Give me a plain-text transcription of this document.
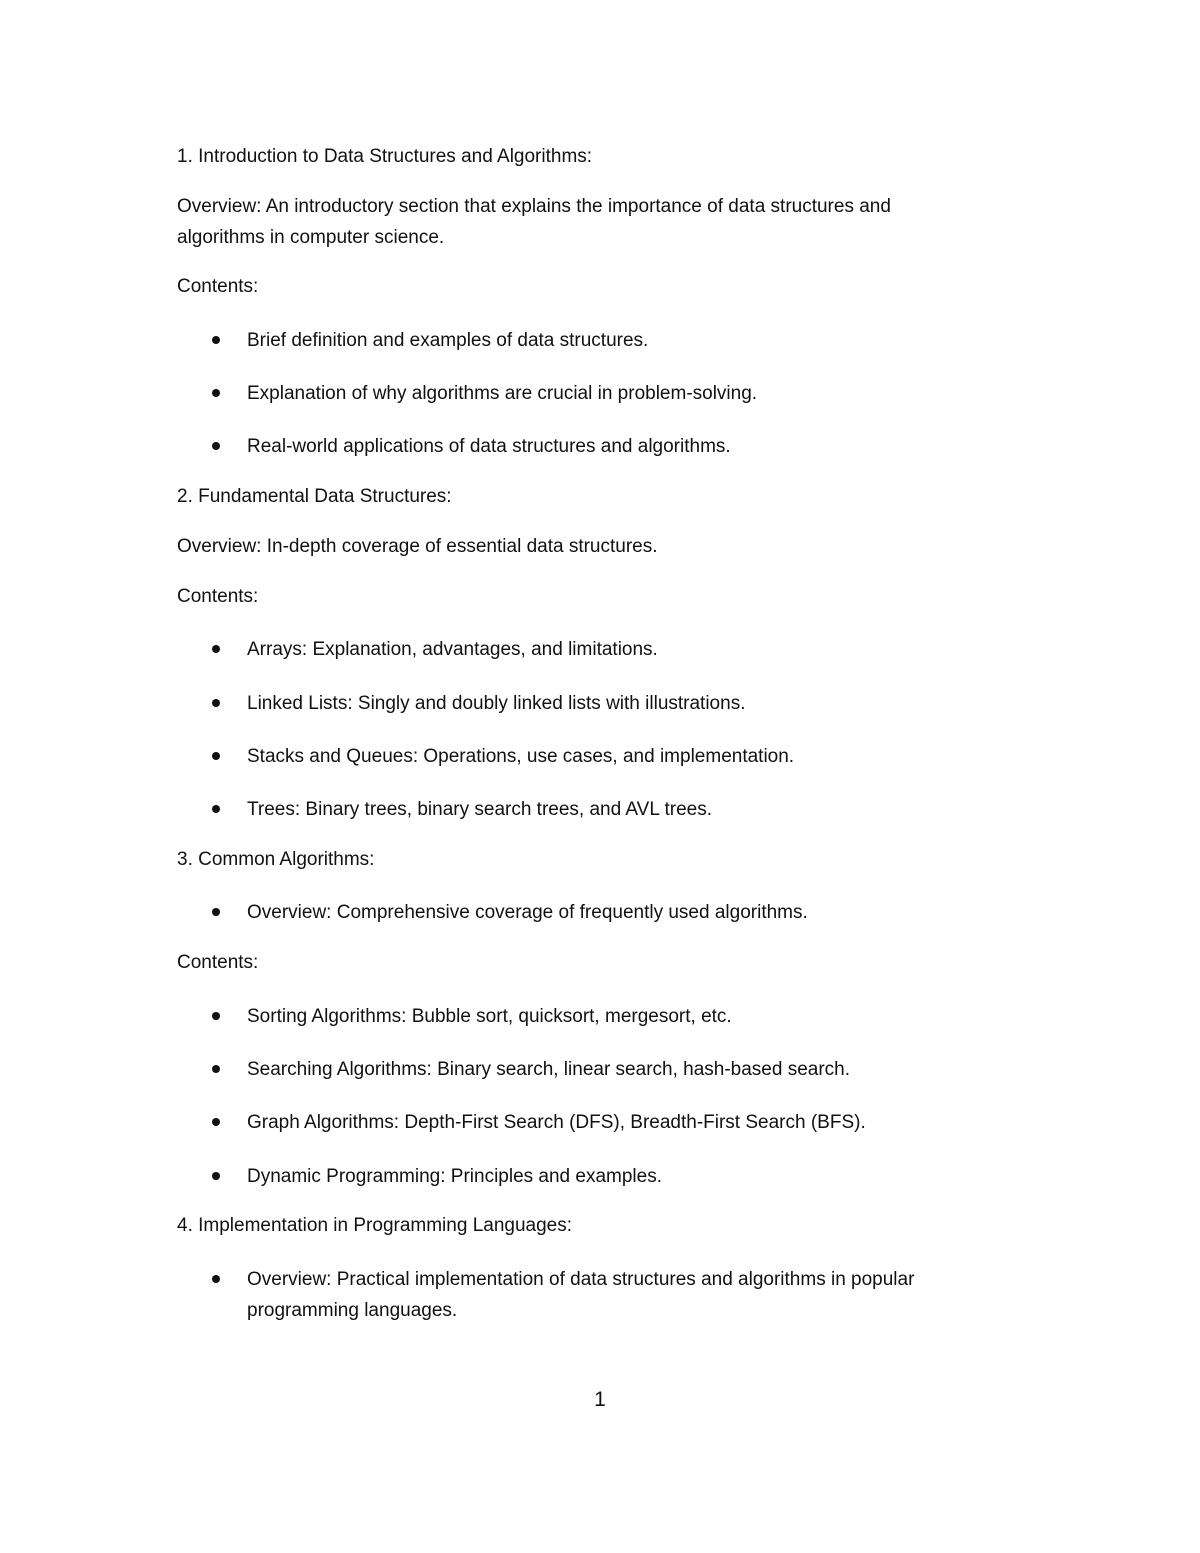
1. Introduction to Data Structures and Algorithms:
Overview: An introductory section that explains the importance of data structures and
algorithms in computer science.
Contents:
Brief definition and examples of data structures.
Explanation of why algorithms are crucial in problem-solving.
Real-world applications of data structures and algorithms.
2. Fundamental Data Structures:
Overview: In-depth coverage of essential data structures.
Contents:
Arrays: Explanation, advantages, and limitations.
Linked Lists: Singly and doubly linked lists with illustrations.
Stacks and Queues: Operations, use cases, and implementation.
Trees: Binary trees, binary search trees, and AVL trees.
3. Common Algorithms:
Overview: Comprehensive coverage of frequently used algorithms.
Contents:
Sorting Algorithms: Bubble sort, quicksort, mergesort, etc.
Searching Algorithms: Binary search, linear search, hash-based search.
Graph Algorithms: Depth-First Search (DFS), Breadth-First Search (BFS).
Dynamic Programming: Principles and examples.
4. Implementation in Programming Languages:
Overview: Practical implementation of data structures and algorithms in popular
programming languages.
1
